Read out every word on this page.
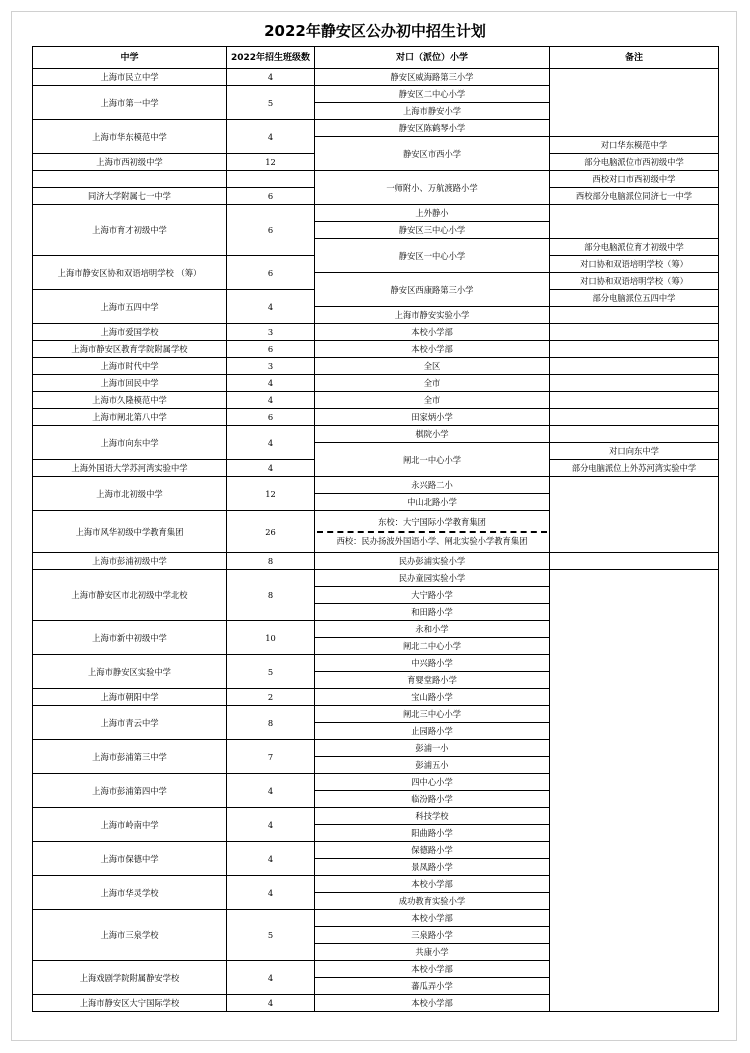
2022年静安区公办初中招生计划
中学	2022年招生班级数	对口（派位）小学	备注
上海市民立中学	4	静安区威海路第三小学	
上海市第一中学	5	静安区二中心小学	
		上海市静安小学	
上海市华东模范中学	4	静安区陈鹤琴小学	
		静安区市西小学	对口华东模范中学
上海市西初级中学	12		部分电脑派位市西初级中学
		一师附小、万航渡路小学	西校对口市西初级中学
同济大学附属七一中学	6		西校部分电脑派位同济七一中学
上海市育才初级中学	6	上外静小	
		静安区三中心小学	
		静安区一中心小学	部分电脑派位育才初级中学
上海市静安区协和双语培明学校 （筹）	6		对口协和双语培明学校（筹）
		静安区西康路第三小学	对口协和双语培明学校（筹）
上海市五四中学	4		部分电脑派位五四中学
		上海市静安实验小学	
上海市爱国学校	3	本校小学部	
上海市静安区教育学院附属学校	6	本校小学部	
上海市时代中学	3	全区	
上海市回民中学	4	全市	
上海市久隆模范中学	4	全市	
上海市闸北第八中学	6	田家炳小学	
上海市向东中学	4	棋院小学	
		闸北一中心小学	对口向东中学
上海外国语大学苏河湾实验中学	4		部分电脑派位上外苏河湾实验中学
上海市北初级中学	12	永兴路二小	
		中山北路小学	
上海市风华初级中学教育集团	26	东校：大宁国际小学教育集团
西校：民办扬波外国语小学、闸北实验小学教育集团	

上海市彭浦初级中学	8	民办彭浦实验小学	
上海市静安区市北初级中学北校	8	民办童园实验小学	
		大宁路小学	
		和田路小学	
上海市新中初级中学	10	永和小学	
		闸北二中心小学	
上海市静安区实验中学	5	中兴路小学	
		育婴堂路小学	
上海市朝阳中学	2	宝山路小学	
上海市青云中学	8	闸北三中心小学	
		止园路小学	
上海市彭浦第三中学	7	彭浦一小	
		彭浦五小	
上海市彭浦第四中学	4	四中心小学	
		临汾路小学	
上海市岭南中学	4	科技学校	
		阳曲路小学	
上海市保德中学	4	保德路小学	
		景凤路小学	
上海市华灵学校	4	本校小学部	
		成功教育实验小学	
上海市三泉学校	5	本校小学部	
		三泉路小学	
		共康小学	
上海戏剧学院附属静安学校	4	本校小学部	
		蕃瓜弄小学	
上海市静安区大宁国际学校	4	本校小学部	
